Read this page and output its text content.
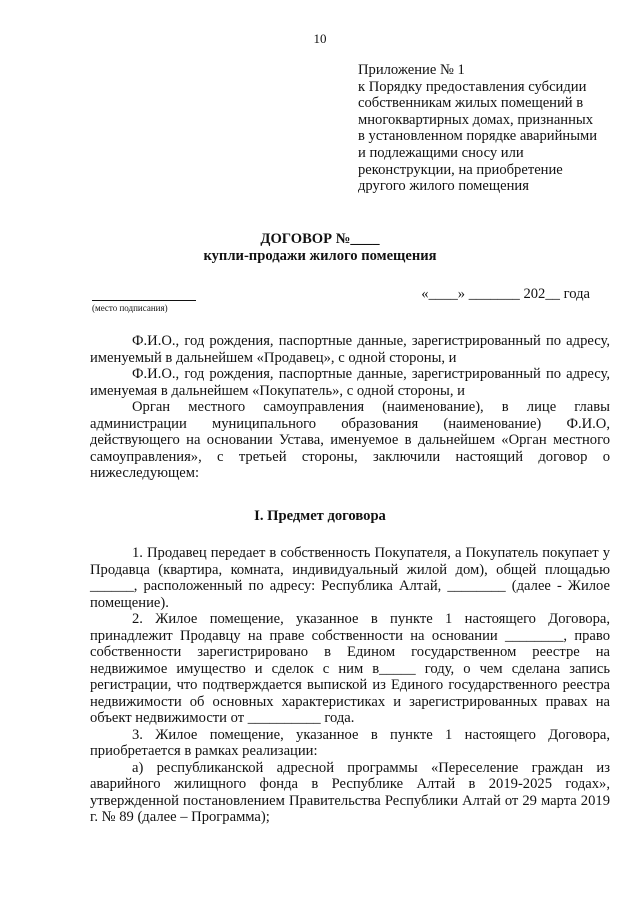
10
Приложение № 1
к Порядку предоставления субсидии
собственникам жилых помещений в
многоквартирных домах, признанных
в установленном порядке аварийными
и подлежащими сносу или
реконструкции, на приобретение
другого жилого помещения
ДОГОВОР №____
купли-продажи жилого помещения
(место подписания)
«____» _______ 202__ года

Ф.И.О., год рождения, паспортные данные, зарегистрированный по адресу, именуемый в дальнейшем «Продавец», с одной стороны, и

Ф.И.О., год рождения, паспортные данные, зарегистрированный по адресу, именуемая в дальнейшем «Покупатель», с одной стороны, и

Орган местного самоуправления (наименование), в лице главы администрации муниципального образования (наименование) Ф.И.О, действующего на основании Устава, именуемое в дальнейшем «Орган местного самоуправления», с третьей стороны, заключили настоящий договор о нижеследующем:

I. Предмет договора

1. Продавец передает в собственность Покупателя, а Покупатель покупает у Продавца (квартира, комната, индивидуальный жилой дом), общей площадью ______, расположенный по адресу: Республика Алтай, ________ (далее - Жилое помещение).

2. Жилое помещение, указанное в пункте 1 настоящего Договора, принадлежит Продавцу на праве собственности на основании ________, право собственности зарегистрировано в Едином государственном реестре на недвижимое имущество и сделок с ним в_____ году, о чем сделана запись регистрации, что подтверждается выпиской из Единого государственного реестра недвижимости об основных характеристиках и зарегистрированных правах на объект недвижимости от __________ года.

3. Жилое помещение, указанное в пункте 1 настоящего Договора, приобретается в рамках реализации:

а) республиканской адресной программы «Переселение граждан из аварийного жилищного фонда в Республике Алтай в 2019-2025 годах», утвержденной постановлением Правительства Республики Алтай от 29 марта 2019 г. № 89 (далее – Программа);
